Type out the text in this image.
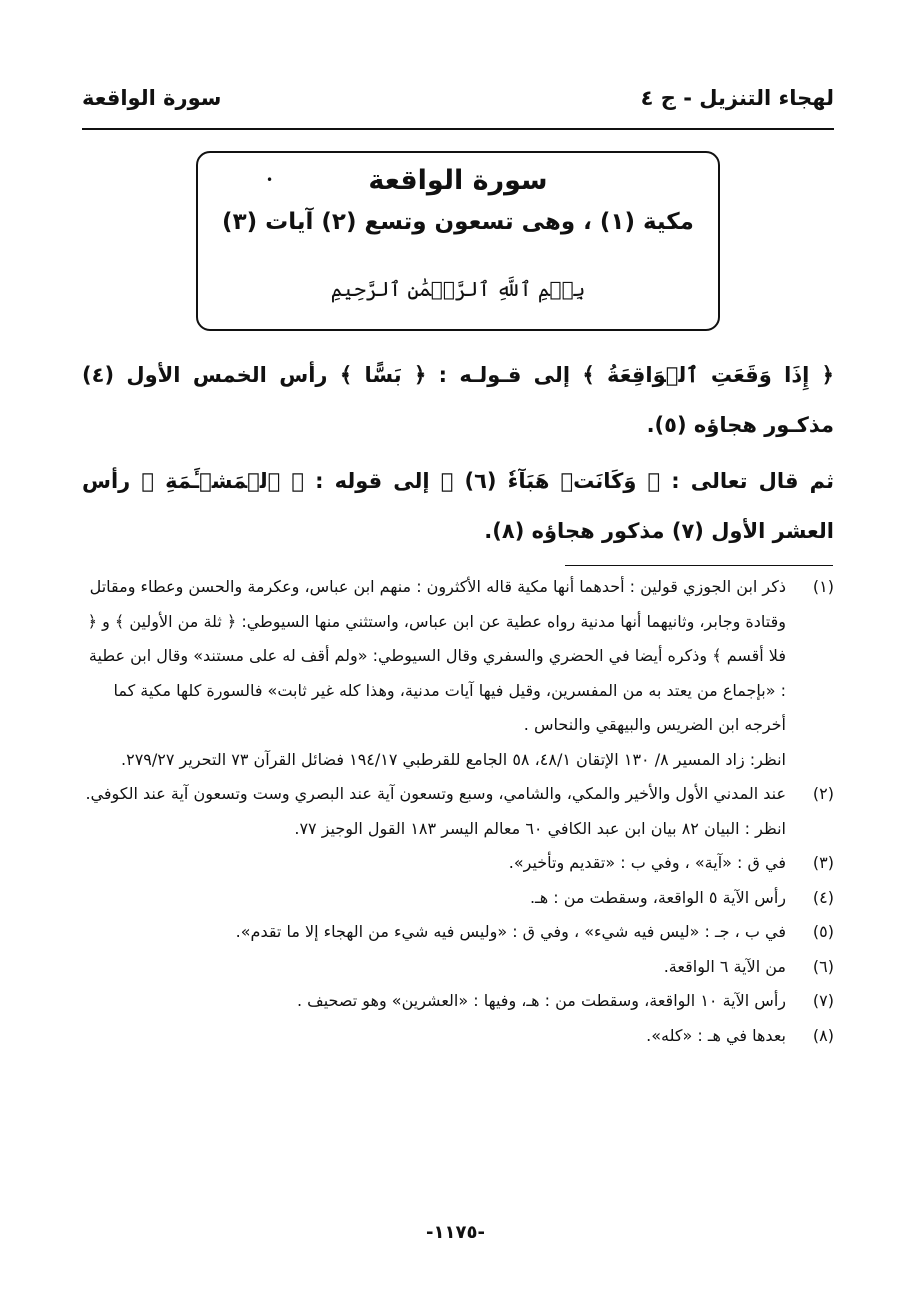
لهجاء التنزيل - ج ٤
سورة الواقعة
•	سورة الواقعة
مكية (١) ، وهى تسعون وتسع (٢) آيات (٣)
بِسۡمِ ٱللَّهِ ٱلرَّحۡمَٰنِ ٱلرَّحِيمِ

﴿ إِذَا وَقَعَتِ ٱلۡوَاقِعَةُ ﴾ إلى قـولـه : ﴿ بَسًّا ﴾ رأس الخمس الأول (٤) مذكـور هجاؤه (٥).

ثم قال تعالى : ﴿ وَكَانَتۡ هَبَآءٗ (٦) ﴾ إلى قوله : ﴿ ٱلۡمَشۡـَٔمَةِ ﴾ رأس العشر الأول (٧) مذكور هجاؤه (٨).

(١)
ذكر ابن الجوزي قولين : أحدهما أنها مكية قاله الأكثرون : منهم ابن عباس، وعكرمة والحسن وعطاء ومقاتل وقتادة وجابر، وثانيهما أنها مدنية رواه عطية عن ابن عباس، واستثني منها السيوطي: ﴿ ثلة من الأولين ﴾ و ﴿ فلا أقسم ﴾ وذكره أيضا في الحضري والسفري وقال السيوطي: «ولم أقف له على مستند» وقال ابن عطية : «بإجماع من يعتد به من المفسرين، وقيل فيها آيات مدنية، وهذا كله غير ثابت» فالسورة كلها مكية كما أخرجه ابن الضريس والبيهقي والنحاس .
انظر: زاد المسير ٨/ ١٣٠ الإتقان ٤٨/١، ٥٨ الجامع للقرطبي ١٩٤/١٧ فضائل القرآن ٧٣ التحرير ٢٧٩/٢٧.
(٢)
عند المدني الأول والأخير والمكي، والشامي، وسبع وتسعون آية عند البصري وست وتسعون آية عند الكوفي.
انظر : البيان ٨٢ بيان ابن عبد الكافي ٦٠ معالم اليسر ١٨٣ القول الوجيز ٧٧.
(٣)
في ق : «آية» ، وفي ب : «تقديم وتأخير».
(٤)
رأس الآية ٥ الواقعة، وسقطت من : هـ.
(٥)
في ب ، جـ : «ليس فيه شيء» ، وفي ق : «وليس فيه شيء من الهجاء إلا ما تقدم».
(٦)
من الآية ٦ الواقعة.
(٧)
رأس الآية ١٠ الواقعة، وسقطت من : هـ، وفيها : «العشرين» وهو تصحيف .
(٨)
بعدها في هـ : «كله».
-١١٧٥-
